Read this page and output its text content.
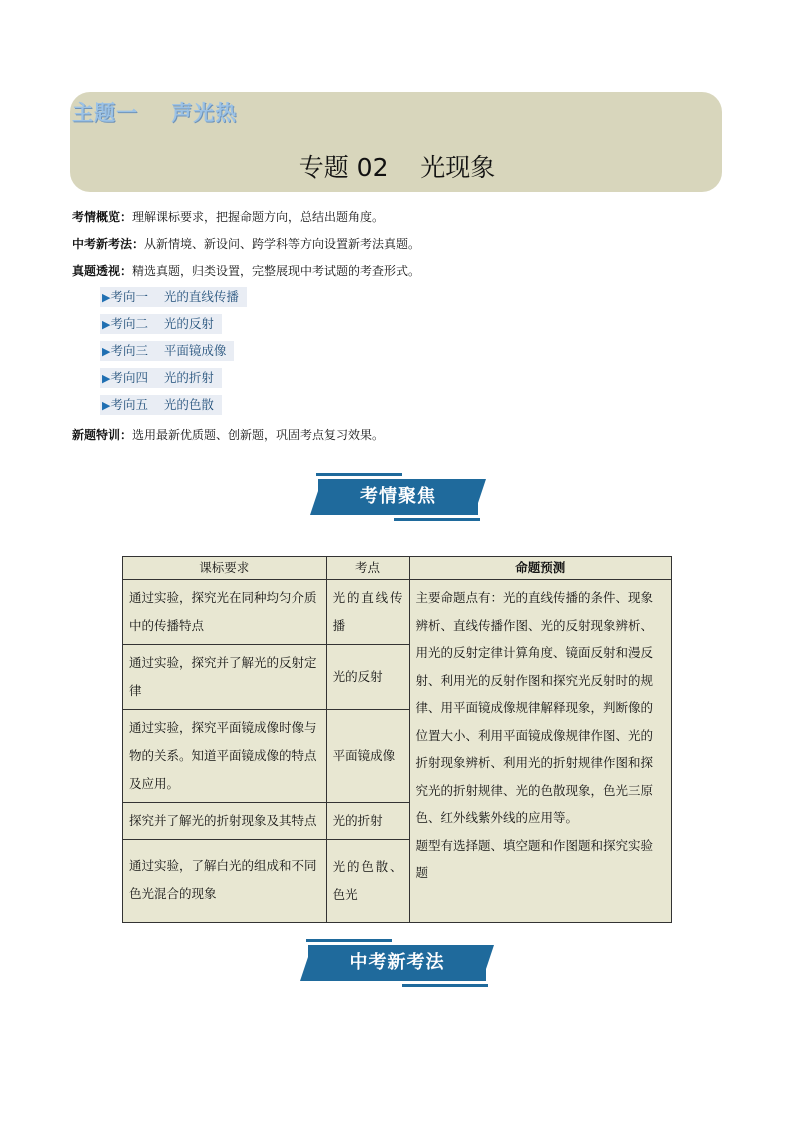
主题一    声光热
专题 02    光现象
考情概览：理解课标要求，把握命题方向，总结出题角度。
中考新考法：从新情境、新设问、跨学科等方向设置新考法真题。
真题透视：精选真题，归类设置，完整展现中考试题的考查形式。
▶考向一    光的直线传播
▶考向二    光的反射
▶考向三    平面镜成像
▶考向四    光的折射
▶考向五    光的色散
新题特训：选用最新优质题、创新题，巩固考点复习效果。
考情聚焦
课标要求	考点	命题预测
通过实验，探究光在同种均匀介质中的传播特点	光的直线传播	主要命题点有：光的直线传播的条件、现象辨析、直线传播作图、光的反射现象辨析、用光的反射定律计算角度、镜面反射和漫反射、利用光的反射作图和探究光反射时的规律、用平面镜成像规律解释现象，判断像的位置大小、利用平面镜成像规律作图、光的折射现象辨析、利用光的折射规律作图和探究光的折射规律、光的色散现象，色光三原色、红外线紫外线的应用等。
题型有选择题、填空题和作图题和探究实验题

通过实验，探究并了解光的反射定律	光的反射	
通过实验，探究平面镜成像时像与物的关系。知道平面镜成像的特点及应用。	平面镜成像	
探究并了解光的折射现象及其特点	光的折射	
通过实验，了解白光的组成和不同色光混合的现象	光的色散、色光	
中考新考法
